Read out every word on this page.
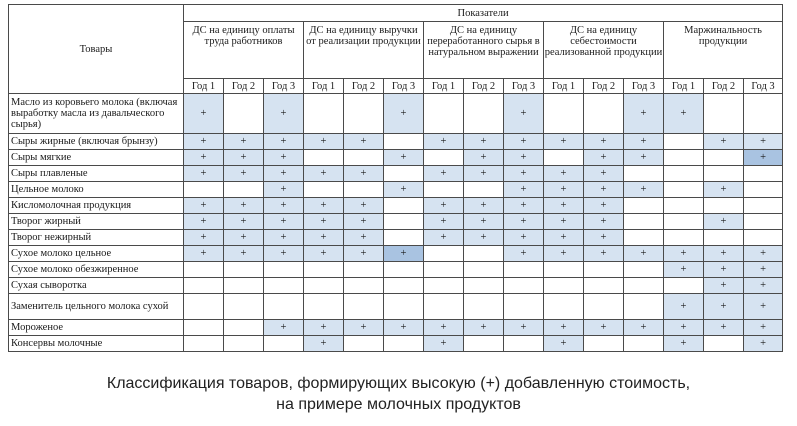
Товары	Показатели														
	ДС на единицу оплаты труда работников			ДС на единицу выручки от реализации продукции			ДС на единицу переработанного сырья в натуральном выражении			ДС на единицу себестоимости реализованной продукции			Маржинальность продукции		
	Год 1	Год 2	Год 3	Год 1	Год 2	Год 3	Год 1	Год 2	Год 3	Год 1	Год 2	Год 3	Год 1	Год 2	Год 3
Масло из коровьего молока (включая выработку масла из давальческого сырья)	+		+			+			+			+	+		
Сыры жирные (включая брынзу)	+	+	+	+	+		+	+	+	+	+	+		+	+
Сыры мягкие	+	+	+			+		+	+		+	+			+
Сыры плавленые	+	+	+	+	+		+	+	+	+	+				
Цельное молоко			+			+			+	+	+	+		+	
Кисломолочная продукция	+	+	+	+	+		+	+	+	+	+				
Творог жирный	+	+	+	+	+		+	+	+	+	+			+	
Творог нежирный	+	+	+	+	+		+	+	+	+	+				
Сухое молоко цельное	+	+	+	+	+	+			+	+	+	+	+	+	+
Сухое молоко обезжиренное													+	+	+
Сухая сыворотка														+	+
Заменитель цельного молока сухой													+	+	+
Мороженое			+	+	+	+	+	+	+	+	+	+	+	+	+
Консервы молочные				+			+			+			+		+
Классификация товаров, формирующих высокую (+) добавленную стоимость,
на примере молочных продуктов
